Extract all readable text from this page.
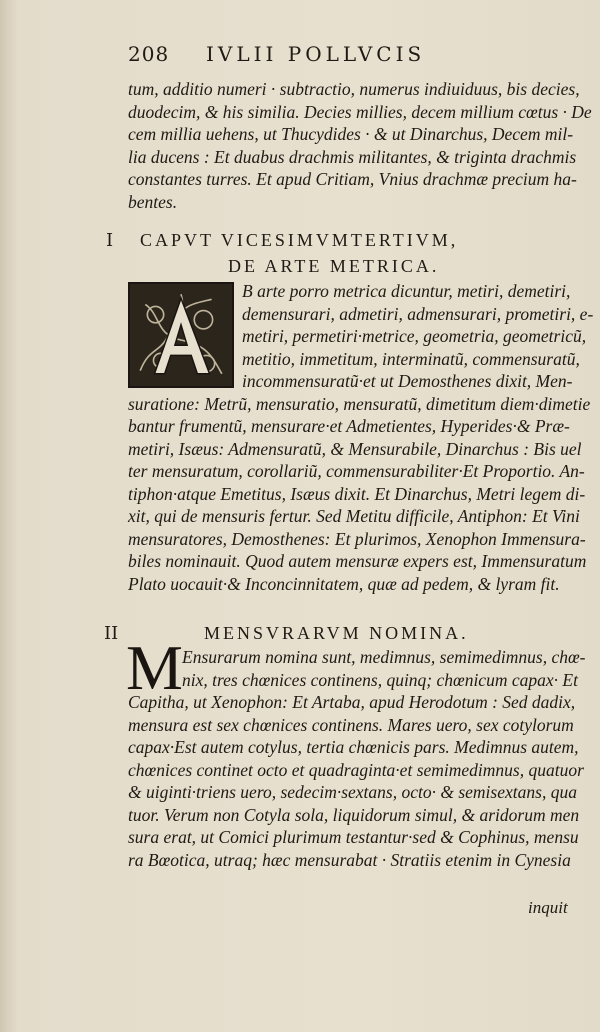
208 IVLII POLLVCIS
tum, additio numeri · subtractio, numerus indiuiduus, bis decies,
duodecim, & his similia. Decies millies, decem millium cœtus · De
cem millia uehens, ut Thucydides · & ut Dinarchus, Decem mil-
lia ducens : Et duabus drachmis militantes, & triginta drachmis
constantes turres. Et apud Critiam, Vnius drachmæ precium ha-
bentes.
I CAPVT VICESIMVMTERTIVM,
DE ARTE METRICA.
B arte porro metrica dicuntur, metiri, demetiri,
demensurari, admetiri, admensurari, prometiri, e-
metiri, permetiri·metrice, geometria, geometricũ,
metitio, immetitum, interminatũ, commensuratũ,
incommensuratũ·et ut Demosthenes dixit, Men-
suratione: Metrũ, mensuratio, mensuratũ, dimetitum diem·dimetie
bantur frumentũ, mensurare·et Admetientes, Hyperides·& Præ-
metiri, Isæus: Admensuratũ, & Mensurabile, Dinarchus : Bis uel
ter mensuratum, corollariũ, commensurabiliter·Et Proportio. An-
tiphon·atque Emetitus, Isæus dixit. Et Dinarchus, Metri legem di-
xit, qui de mensuris fertur. Sed Metitu difficile, Antiphon: Et Vini
mensuratores, Demosthenes: Et plurimos, Xenophon Immensura-
biles nominauit. Quod autem mensuræ expers est, Immensuratum
Plato uocauit·& Inconcinnitatem, quæ ad pedem, & lyram fit.
II	MENSVRARVM NOMINA.
M Ensurarum nomina sunt, medimnus, semimedimnus, chœ-
nix, tres chœnices continens, quinq; chœnicum capax· Et
Capitha, ut Xenophon: Et Artaba, apud Herodotum : Sed dadix,
mensura est sex chœnices continens. Mares uero, sex cotylorum
capax·Est autem cotylus, tertia chœnicis pars. Medimnus autem,
chœnices continet octo et quadraginta·et semimedimnus, quatuor
& uiginti·triens uero, sedecim·sextans, octo· & semisextans, qua
tuor. Verum non Cotyla sola, liquidorum simul, & aridorum men
sura erat, ut Comici plurimum testantur·sed & Cophinus, mensu
ra Bœotica, utraq; hæc mensurabat · Stratiis etenim in Cynesia
inquit
